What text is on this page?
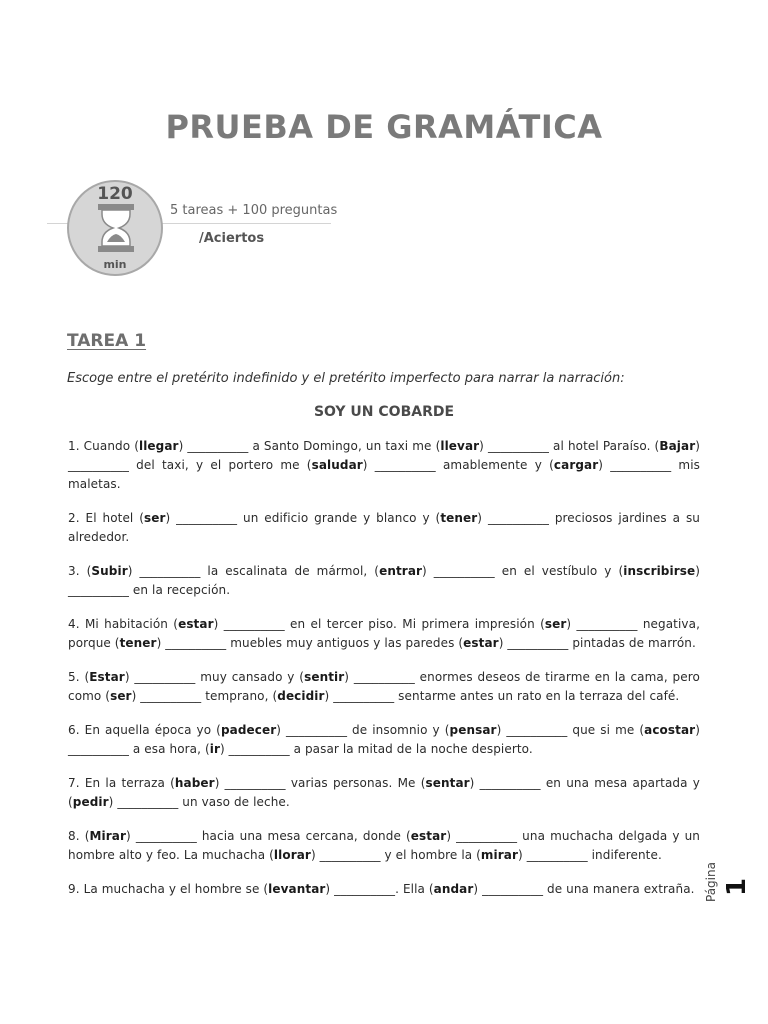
PRUEBA DE GRAMÁTICA
120
min
5 tareas + 100 preguntas
/Aciertos
TAREA 1
Escoge entre el pretérito indefinido y el pretérito imperfecto para narrar la narración:
SOY UN COBARDE

1. Cuando (llegar) __________ a Santo Domingo, un taxi me (llevar) __________ al hotel Paraíso. (Bajar) __________ del taxi, y el portero me (saludar) __________ amablemente y (cargar) __________ mis maletas.

2. El hotel (ser) __________ un edificio grande y blanco y (tener) __________ preciosos jardines a su alrededor.

3. (Subir) __________ la escalinata de mármol, (entrar) __________ en el vestíbulo y (inscribirse) __________ en la recepción.

4. Mi habitación (estar) __________ en el tercer piso. Mi primera impresión (ser) __________ negativa, porque (tener) __________ muebles muy antiguos y las paredes (estar) __________ pintadas de marrón.

5. (Estar) __________ muy cansado y (sentir) __________ enormes deseos de tirarme en la cama, pero como (ser) __________ temprano, (decidir) __________ sentarme antes un rato en la terraza del café.

6. En aquella época yo (padecer) __________ de insomnio y (pensar) __________ que si me (acostar) __________ a esa hora, (ir) __________ a pasar la mitad de la noche despierto.

7. En la terraza (haber) __________ varias personas. Me (sentar) __________ en una mesa apartada y (pedir) __________ un vaso de leche.

8. (Mirar) __________ hacia una mesa cercana, donde (estar) __________ una muchacha delgada y un hombre alto y feo. La muchacha (llorar) __________ y el hombre la (mirar) __________ indiferente.

9. La muchacha y el hombre se (levantar) __________. Ella (andar) __________ de una manera extraña. Página 1
